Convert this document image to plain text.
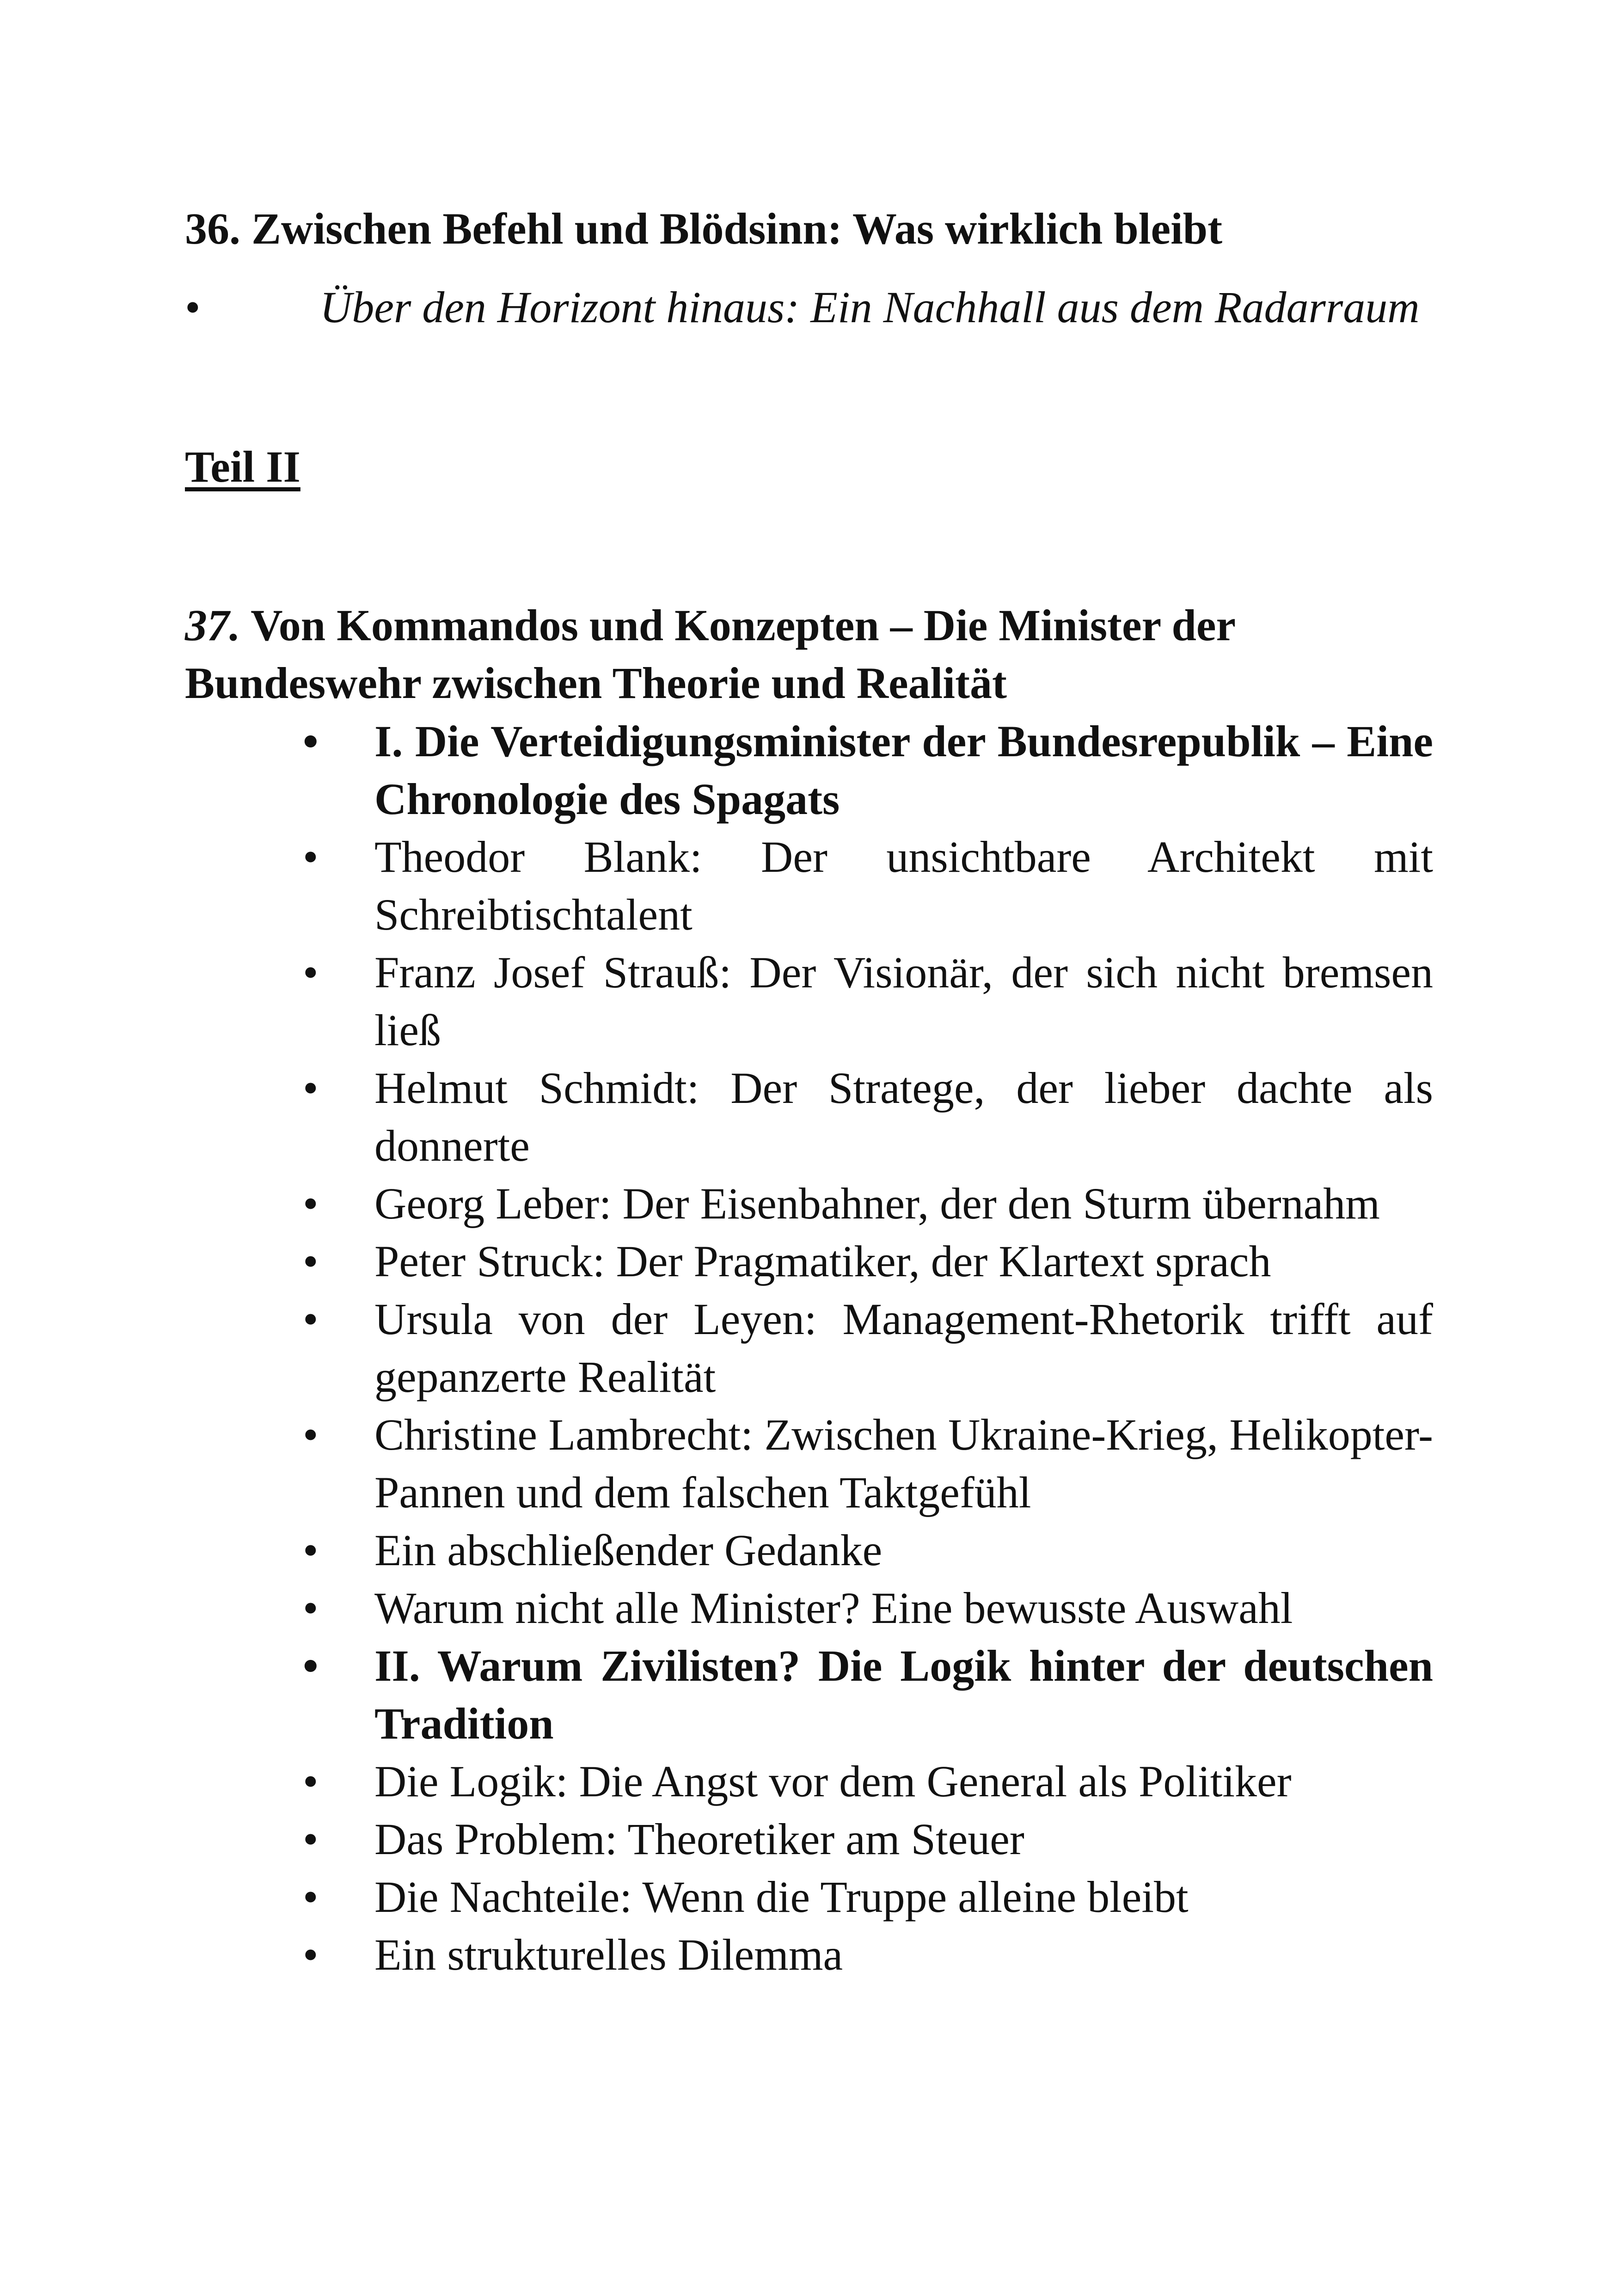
36. Zwischen Befehl und Blödsinn: Was wirklich bleibt
•	Über den Horizont hinaus: Ein Nachhall aus dem Radarraum
Teil II
37. Von Kommandos und Konzepten – Die Minister der Bundeswehr zwischen Theorie und Realität
• I. Die Verteidigungsminister der Bundesrepublik – Eine Chronologie des Spagats
• Theodor Blank: Der unsichtbare Architekt mit Schreibtischtalent
• Franz Josef Strauß: Der Visionär, der sich nicht bremsen ließ
• Helmut Schmidt: Der Stratege, der lieber dachte als donnerte
• Georg Leber: Der Eisenbahner, der den Sturm übernahm
• Peter Struck: Der Pragmatiker, der Klartext sprach
• Ursula von der Leyen: Management-Rhetorik trifft auf gepanzerte Realität
• Christine Lambrecht: Zwischen Ukraine-Krieg, Helikopter-Pannen und dem falschen Taktgefühl
• Ein abschließender Gedanke
• Warum nicht alle Minister? Eine bewusste Auswahl
• II. Warum Zivilisten? Die Logik hinter der deutschen Tradition
• Die Logik: Die Angst vor dem General als Politiker
• Das Problem: Theoretiker am Steuer
• Die Nachteile: Wenn die Truppe alleine bleibt
• Ein strukturelles Dilemma
